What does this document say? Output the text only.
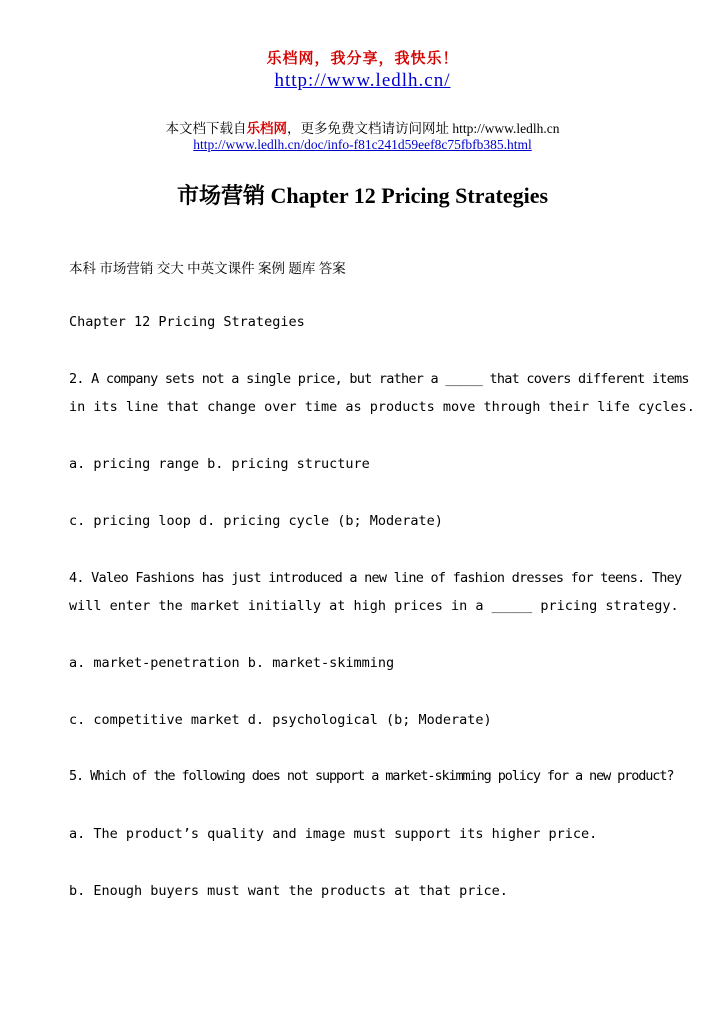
乐档网，我分享，我快乐！
http://www.ledlh.cn/
本文档下载自乐档网，更多免费文档请访问网址 http://www.ledlh.cn
http://www.ledlh.cn/doc/info-f81c241d59eef8c75fbfb385.html
市场营销 Chapter 12 Pricing Strategies
本科 市场营销 交大 中英文课件 案例 题库 答案
Chapter 12 Pricing Strategies
2. A company sets not a single price, but rather a _____ that covers different items
in its line that change over time as products move through their life cycles.
a. pricing range b. pricing structure
c. pricing loop d. pricing cycle (b; Moderate)
4. Valeo Fashions has just introduced a new line of fashion dresses for teens. They
will enter the market initially at high prices in a _____ pricing strategy.
a. market-penetration b. market-skimming
c. competitive market d. psychological (b; Moderate)
5. Which of the following does not support a market-skimming policy for a new product?
a. The product’s quality and image must support its higher price.
b. Enough buyers must want the products at that price.
